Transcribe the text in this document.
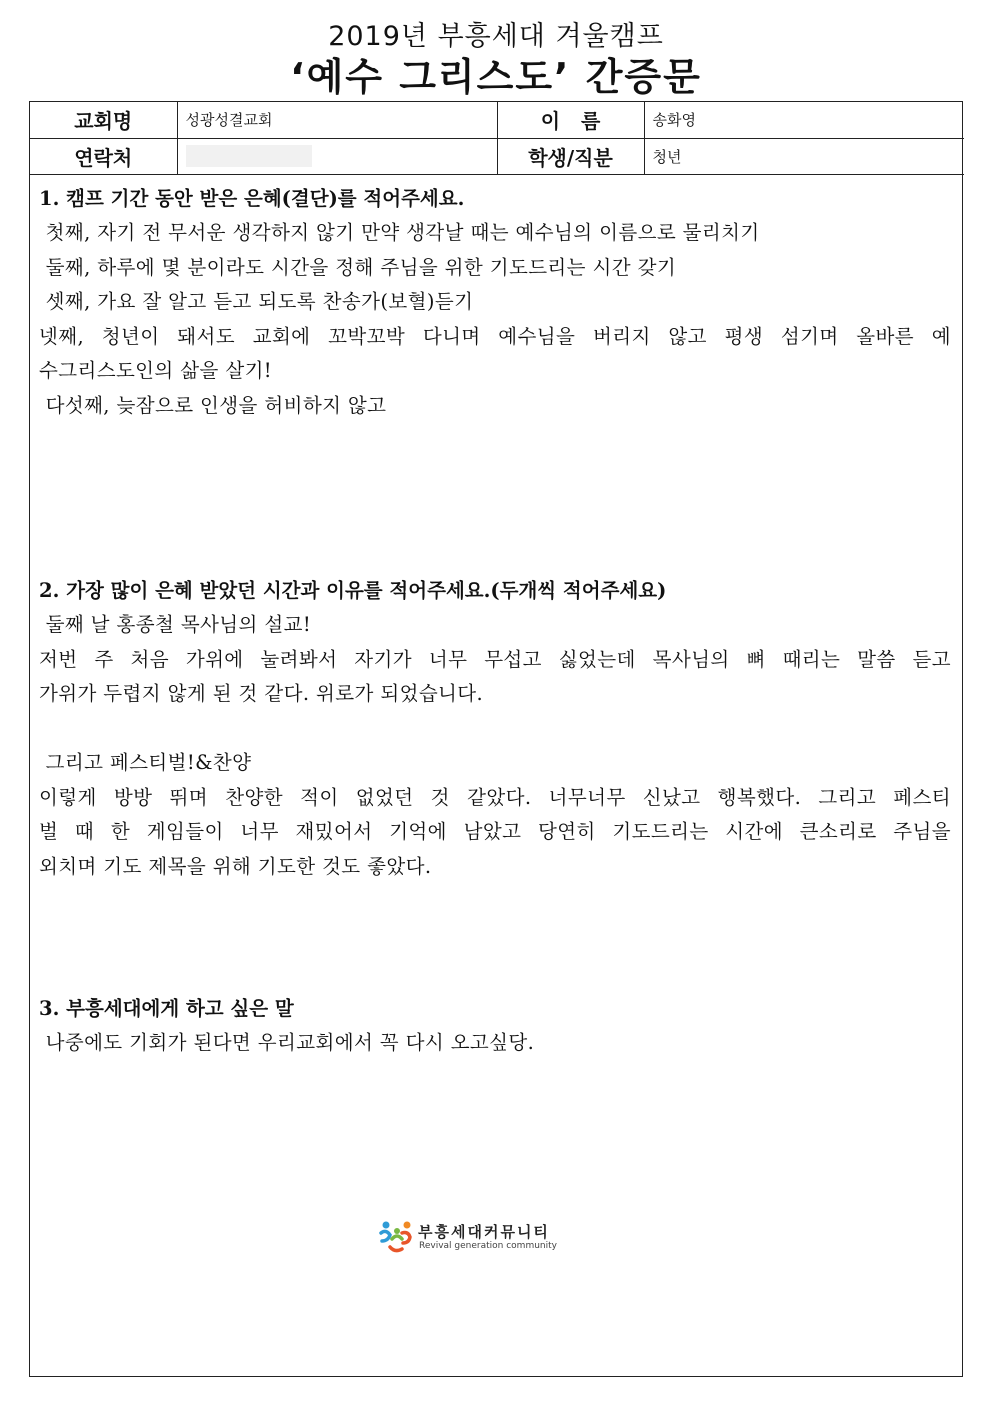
2019년 부흥세대 겨울캠프
‘예수 그리스도’ 간증문
교회명	성광성결교회	이   름	송화영
연락처		학생/직분	청년
1. 캠프 기간 동안 받은 은혜(결단)를 적어주세요.
첫째, 자기 전 무서운 생각하지 않기 만약 생각날 때는 예수님의 이름으로 물리치기
둘째, 하루에 몇 분이라도 시간을 정해 주님을 위한 기도드리는 시간 갖기
셋째, 가요 잘 알고 듣고 되도록 찬송가(보혈)듣기
넷째, 청년이 돼서도 교회에 꼬박꼬박 다니며 예수님을 버리지 않고 평생 섬기며 올바른 예
수그리스도인의 삶을 살기!
다섯째, 늦잠으로 인생을 허비하지 않고
2. 가장 많이 은혜 받았던 시간과 이유를 적어주세요.(두개씩 적어주세요)
둘째 날 홍종철 목사님의 설교!
저번 주 처음 가위에 눌려봐서 자기가 너무 무섭고 싫었는데 목사님의 뼈 때리는 말씀 듣고
가위가 두렵지 않게 된 것 같다. 위로가 되었습니다.
그리고 페스티벌!&찬양
이렇게 방방 뛰며 찬양한 적이 없었던 것 같았다. 너무너무 신났고 행복했다. 그리고 페스티
벌 때 한 게임들이 너무 재밌어서 기억에 남았고 당연히 기도드리는 시간에 큰소리로 주님을
외치며 기도 제목을 위해 기도한 것도 좋았다.
3. 부흥세대에게 하고 싶은 말
나중에도 기회가 된다면 우리교회에서 꼭 다시 오고싶당.
부흥세대커뮤니티
Revival generation community
